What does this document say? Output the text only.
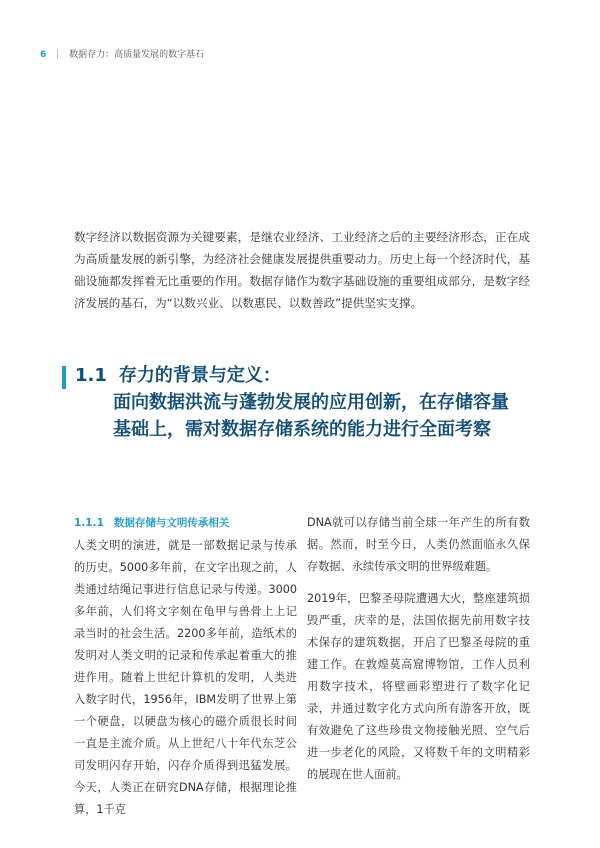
6 | 数据存力：高质量发展的数字基石

数字经济以数据资源为关键要素，是继农业经济、工业经济之后的主要经济形态，正在成为高质量发展的新引擎，为经济社会健康发展提供重要动力。历史上每一个经济时代，基础设施都发挥着无比重要的作用。数据存储作为数字基础设施的重要组成部分，是数字经济发展的基石，为“以数兴业、以数惠民、以数善政”提供坚实支撑。

1.1 存力的背景与定义：
面向数据洪流与蓬勃发展的应用创新，在存储容量
基础上，需对数据存储系统的能力进行全面考察
1.1.1 数据存储与文明传承相关
人类文明的演进，就是一部数据记录与传承的历史。5000多年前，在文字出现之前，人类通过结绳记事进行信息记录与传递。3000多年前，人们将文字刻在龟甲与兽骨上上记录当时的社会生活。2200多年前，造纸术的发明对人类文明的记录和传承起着重大的推进作用。随着上世纪计算机的发明，人类进入数字时代，1956年，IBM发明了世界上第一个硬盘，以硬盘为核心的磁介质很长时间一直是主流介质。从上世纪八十年代东芝公司发明闪存开始，闪存介质得到迅猛发展。今天，人类正在研究DNA存储，根据理论推算，1千克
DNA就可以存储当前全球一年产生的所有数据。然而，时至今日，人类仍然面临永久保存数据、永续传承文明的世界级难题。
2019年，巴黎圣母院遭遇大火，整座建筑损毁严重，庆幸的是，法国依据先前用数字技术保存的建筑数据，开启了巴黎圣母院的重建工作。在敦煌莫高窟博物馆，工作人员利用数字技术，将壁画彩塑进行了数字化记录，并通过数字化方式向所有游客开放，既有效避免了这些珍贵文物接触光照、空气后进一步老化的风险，又将数千年的文明精彩的展现在世人面前。
